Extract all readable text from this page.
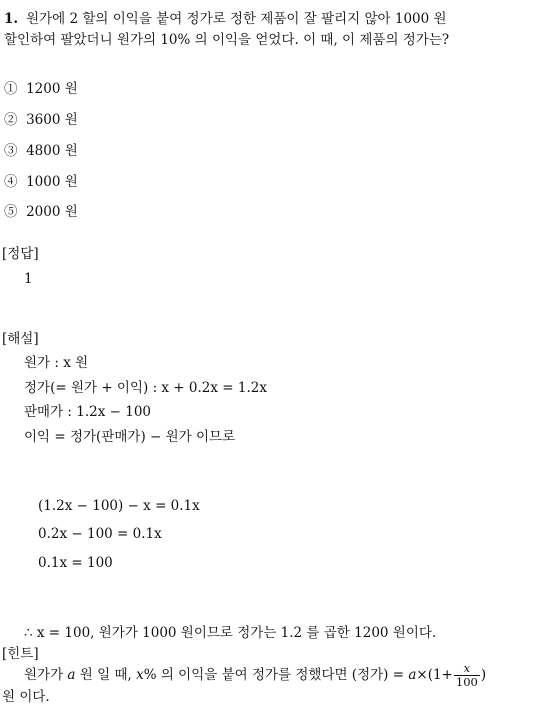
1. 원가에 2 할의 이익을 붙여 정가로 정한 제품이 잘 팔리지 않아 1000 원
할인하여 팔았더니 원가의 10% 의 이익을 얻었다. 이 때, 이 제품의 정가는?
① 1200 원
② 3600 원
③ 4800 원
④ 1000 원
⑤ 2000 원
[정답]
1
[해설]
원가 : x 원
정가(= 원가 + 이익) : x + 0.2x = 1.2x
판매가 : 1.2x − 100
이익 = 정가(판매가) − 원가 이므로
(1.2x − 100) − x = 0.1x
0.2x − 100 = 0.1x
0.1x = 100
∴ x = 100, 원가가 1000 원이므로 정가는 1.2 를 곱한 1200 원이다.
[힌트]
원가가 a 원 일 때, x% 의 이익을 붙여 정가를 정했다면 (정가) = $a\times(1+ \frac{x}{100}$ )
원 이다.
